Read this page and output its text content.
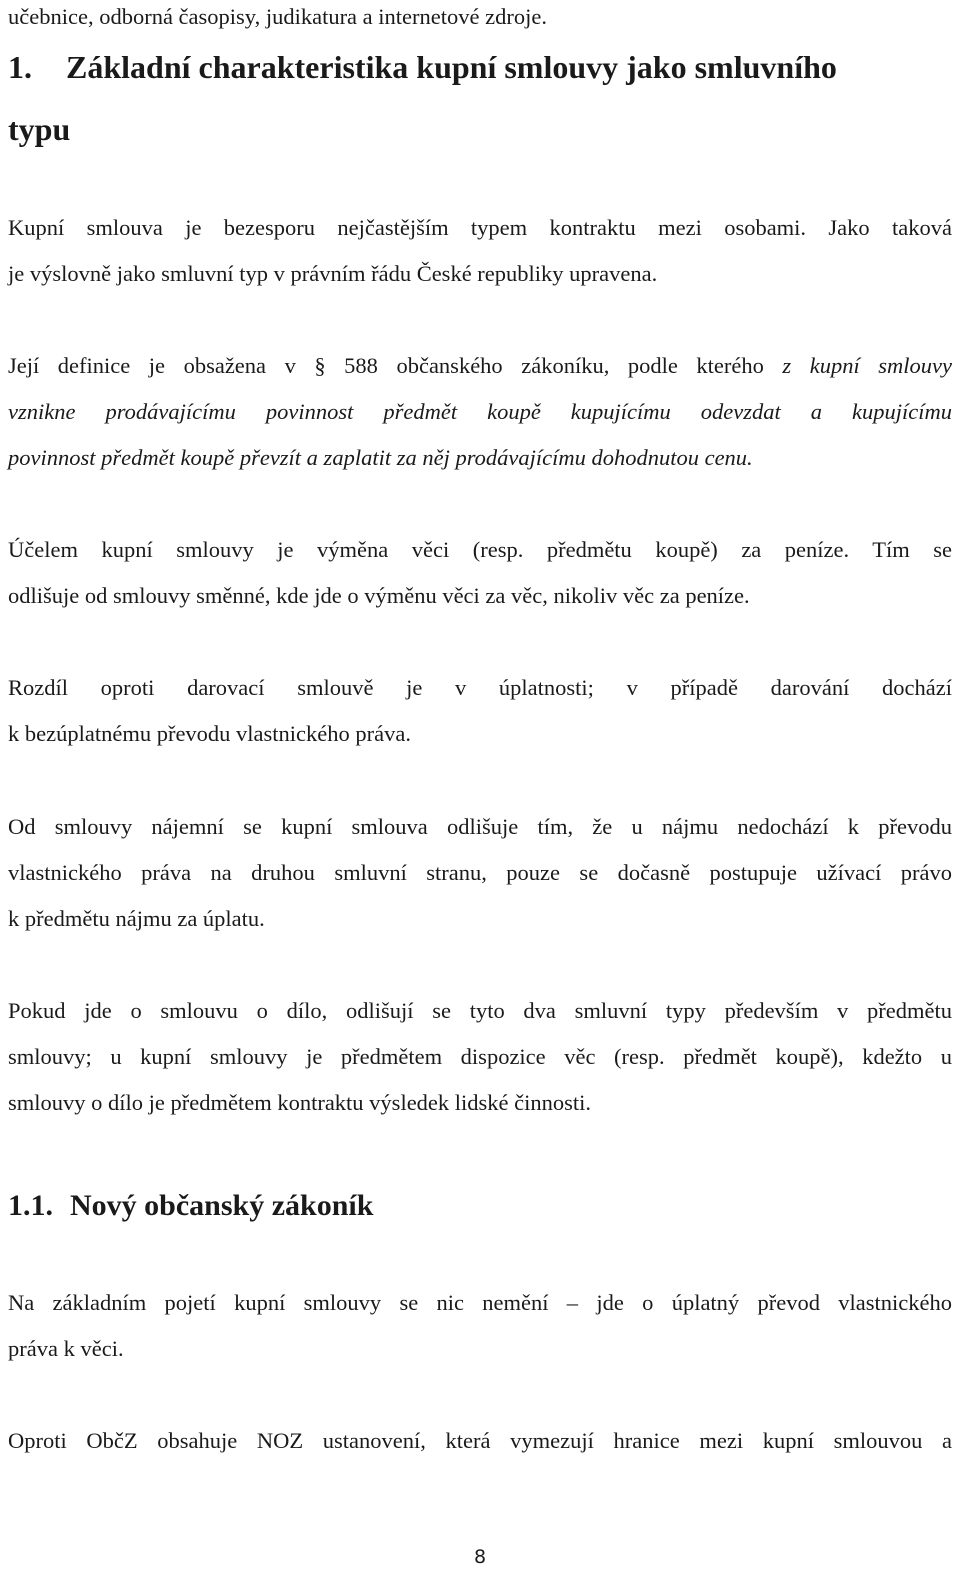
učebnice, odborná časopisy, judikatura a internetové zdroje.
1. Základní charakteristika kupní smlouvy jako smluvního
typu
Kupní smlouva je bezesporu nejčastějším typem kontraktu mezi osobami. Jako taková
je výslovně jako smluvní typ v právním řádu České republiky upravena.
Její definice je obsažena v § 588 občanského zákoníku, podle kterého z kupní smlouvy
vznikne prodávajícímu povinnost předmět koupě kupujícímu odevzdat a kupujícímu
povinnost předmět koupě převzít a zaplatit za něj prodávajícímu dohodnutou cenu.
Účelem kupní smlouvy je výměna věci (resp. předmětu koupě) za peníze. Tím se
odlišuje od smlouvy směnné, kde jde o výměnu věci za věc, nikoliv věc za peníze.
Rozdíl oproti darovací smlouvě je v úplatnosti; v případě darování dochází
k bezúplatnému převodu vlastnického práva.
Od smlouvy nájemní se kupní smlouva odlišuje tím, že u nájmu nedochází k převodu
vlastnického práva na druhou smluvní stranu, pouze se dočasně postupuje užívací právo
k předmětu nájmu za úplatu.
Pokud jde o smlouvu o dílo, odlišují se tyto dva smluvní typy především v předmětu
smlouvy; u kupní smlouvy je předmětem dispozice věc (resp. předmět koupě), kdežto u
smlouvy o dílo je předmětem kontraktu výsledek lidské činnosti.
1.1. Nový občanský zákoník
Na základním pojetí kupní smlouvy se nic nemění – jde o úplatný převod vlastnického
práva k věci.
Oproti ObčZ obsahuje NOZ ustanovení, která vymezují hranice mezi kupní smlouvou a
8
